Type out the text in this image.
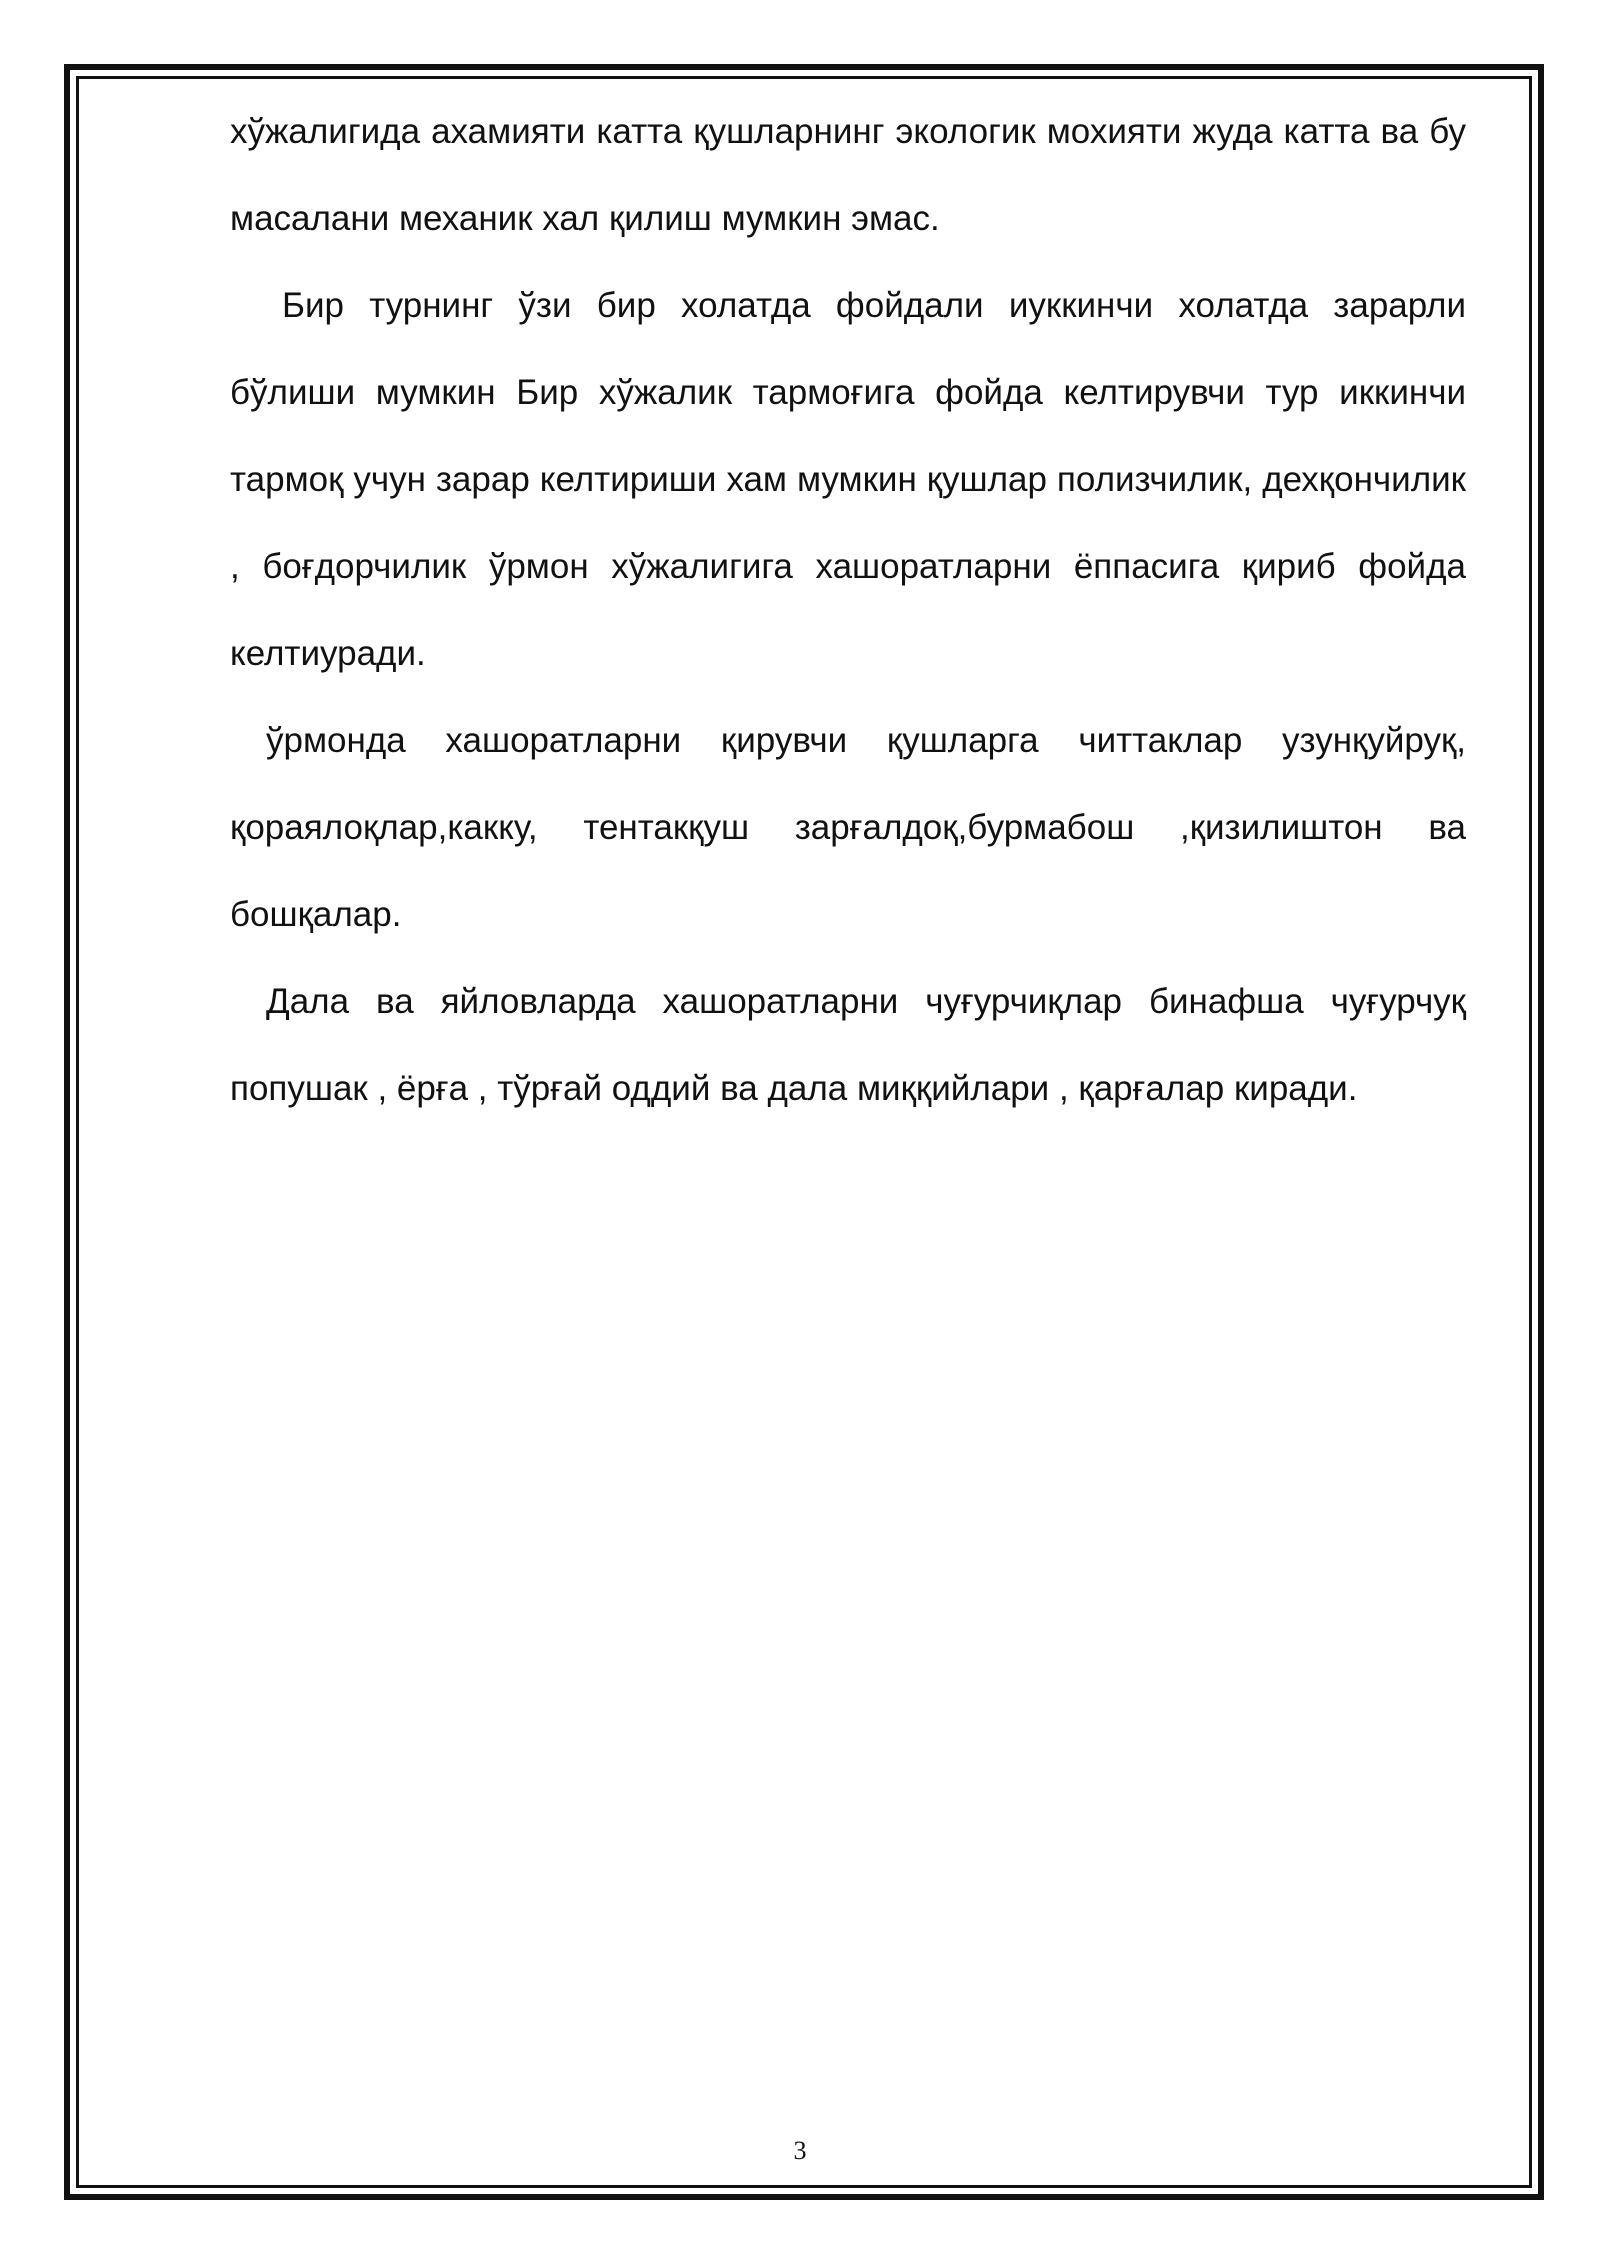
хўжалигида ахамияти катта қушларнинг экологик мохияти жуда катта ва бу масалани механик хал қилиш мумкин эмас.

Бир турнинг ўзи бир холатда фойдали иуккинчи холатда зарарли бўлиши мумкин Бир хўжалик тармоғига фойда келтирувчи тур иккинчи тармоқ учун зарар келтириши хам мумкин қушлар полизчилик, дехқончилик , боғдорчилик ўрмон хўжалигига хашоратларни ёппасига қириб фойда келтиуради.

ўрмонда хашоратларни қирувчи қушларга читтаклар узунқуйруқ, қораялоқлар,какку, тентакқуш зарғалдоқ,бурмабош ,қизилиштон ва бошқалар.

Дала ва яйловларда хашоратларни чуғурчиқлар бинафша чуғурчуқ попушак , ёрға , тўрғай оддий ва дала миққийлари , қарғалар киради.

3
